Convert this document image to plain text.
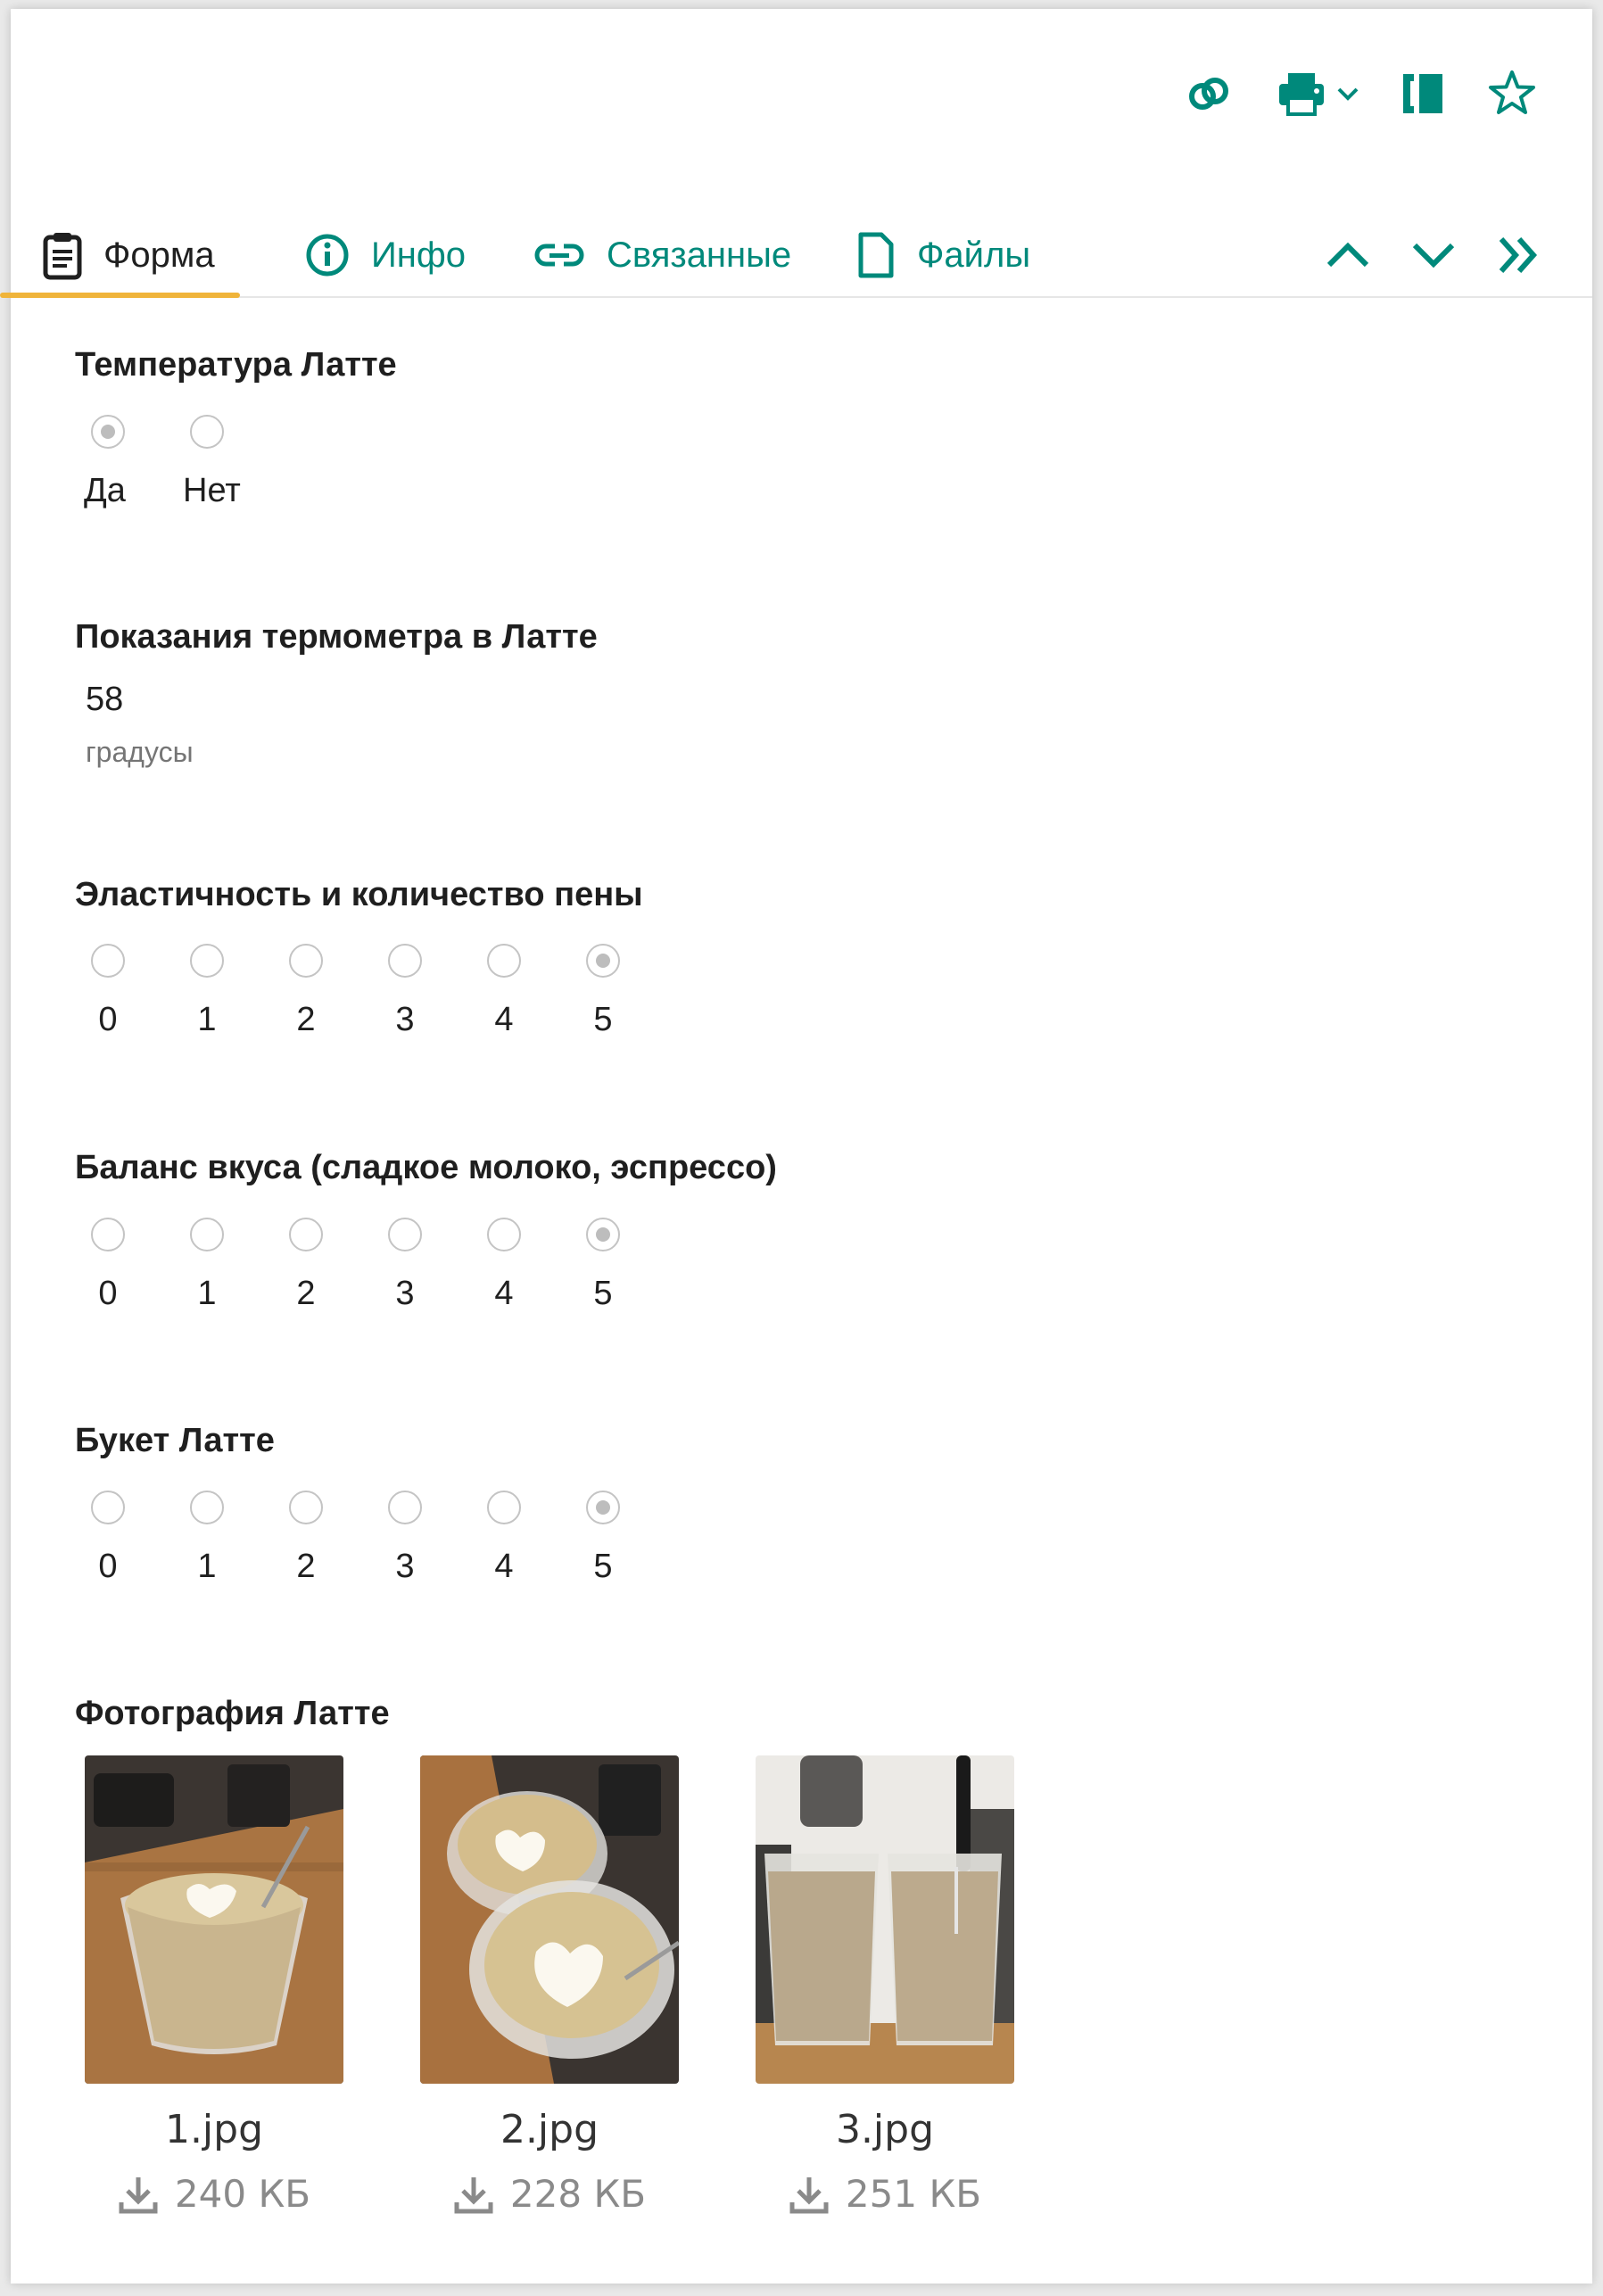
Форма	Инфо	Связанные	Файлы
Температура Латте
Да Нет
Показания термометра в Латте
58
градусы
Эластичность и количество пены
0 1 2 3 4 5
Баланс вкуса (сладкое молоко, эспрессо)
0 1 2 3 4 5
Букет Латте
0 1 2 3 4 5
Фотография Латте
1.jpg
240 КБ
2.jpg
228 КБ
3.jpg
251 КБ
